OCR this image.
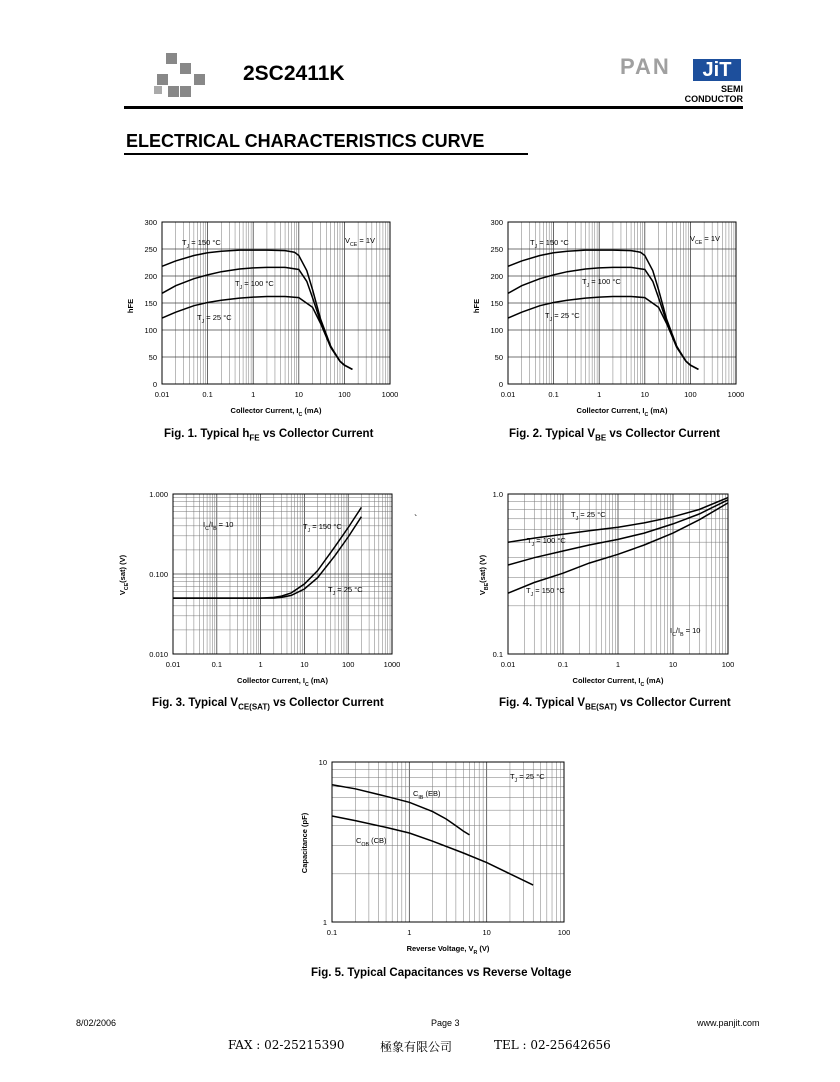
2SC2411K	PAN	JiT
SEMI
CONDUCTOR
ELECTRICAL CHARACTERISTICS CURVE
`
0.01	0.1	1	10	100	1000
0
50
100
150
200
250
300
Collector Current, $I_C$ (mA)
hFE
$T_J = 150$ °C
$T_J = 100$ °C
$T_J = 25$ °C
$V_{CE} = 1V$
0.01	0.1	1	10	100	1000
0
50
100
150
200
250
300
Collector Current, $I_C$ (mA)
hFE
$T_J = 150$ °C
$T_J = 100$ °C
$T_J = 25$ °C
$V_{CE} = 1V$
0.01	0.1	1	10	100	1000
0.010
0.100
1.000
Collector Current, $I_C$ (mA)
$V_{CE}(sat)$ (V)
$I_C/I_B = 10$	$T_J = 150$ °C
$T_J = 25$ °C
0.01	0.1	1	10	100
0.1
1.0
Collector Current, $I_C$ (mA)
$V_{BE}(sat)$ (V)
$T_J = 25$ °C
$T_J = 100$ °C
$T_J = 150$ °C
$I_C/I_B = 10$
0.1	1	10	100
1
10
Reverse Voltage, $V_R$ (V)
Capacitance (pF)
$T_J = 25$ °C
$C_{IB}$ (EB)
$C_{OB}$ (CB)
Fig. 1. Typical $h_{FE}$ vs Collector Current	Fig. 2. Typical $V_{BE}$ vs Collector Current
Fig. 3. Typical $V_{CE(SAT)}$ vs Collector Current	Fig. 4. Typical $V_{BE(SAT)}$ vs Collector Current
Fig. 5. Typical Capacitances vs Reverse Voltage
8/02/2006	Page 3	www.panjit.com
FAX : 02-25215390	極象有限公司	TEL : 02-25642656
